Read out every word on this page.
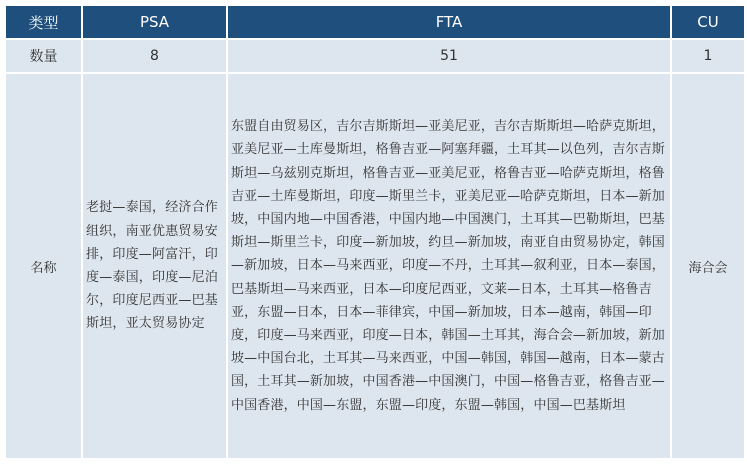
类型	PSA	FTA	CU
数量	8	51	1
名称	老挝—泰国，经济合作组织，南亚优惠贸易安排，印度—阿富汗，印度—泰国，印度—尼泊尔，印度尼西亚—巴基斯坦，亚太贸易协定	东盟自由贸易区，吉尔吉斯斯坦—亚美尼亚，吉尔吉斯斯坦—哈萨克斯坦，亚美尼亚—土库曼斯坦，格鲁吉亚—阿塞拜疆，土耳其—以色列，吉尔吉斯斯坦—乌兹别克斯坦，格鲁吉亚—亚美尼亚，格鲁吉亚—哈萨克斯坦，格鲁吉亚—土库曼斯坦，印度—斯里兰卡，亚美尼亚—哈萨克斯坦，日本—新加坡，中国内地—中国香港，中国内地—中国澳门，土耳其—巴勒斯坦，巴基斯坦—斯里兰卡，印度—新加坡，约旦—新加坡，南亚自由贸易协定，韩国—新加坡，日本—马来西亚，印度—不丹，土耳其—叙利亚，日本—泰国，巴基斯坦—马来西亚，日本—印度尼西亚，文莱—日本，土耳其—格鲁吉亚，东盟—日本，日本—菲律宾，中国—新加坡，日本—越南，韩国—印度，印度—马来西亚，印度—日本，韩国—土耳其，海合会—新加坡，新加坡—中国台北，土耳其—马来西亚，中国—韩国，韩国—越南，日本—蒙古国，土耳其—新加坡，中国香港—中国澳门，中国—格鲁吉亚，格鲁吉亚—中国香港，中国—东盟，东盟—印度，东盟—韩国，中国—巴基斯坦	海合会
